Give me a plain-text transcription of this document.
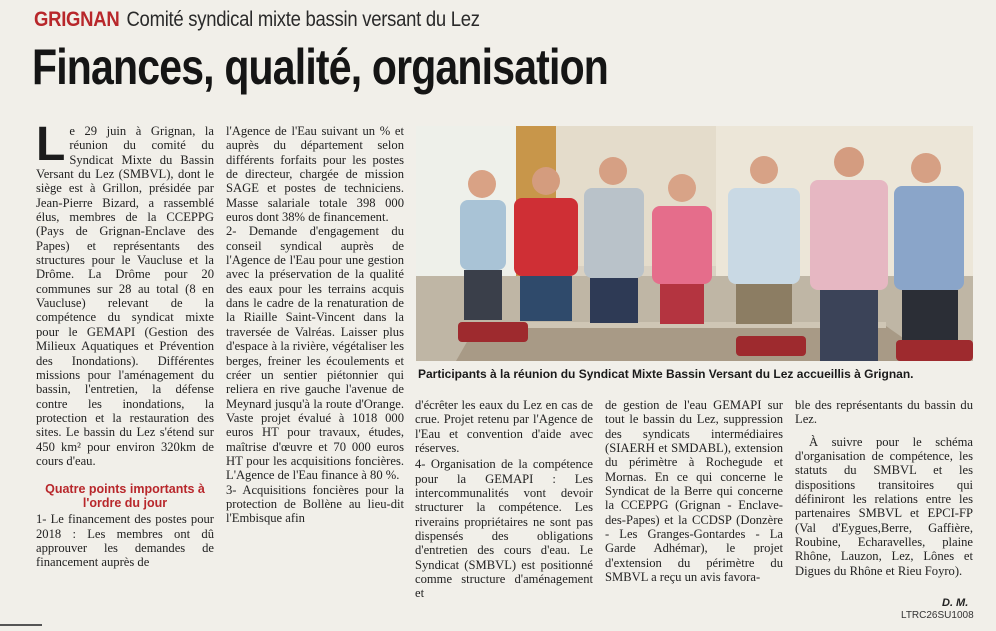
GRIGNAN Comité syndical mixte bassin versant du Lez
Finances, qualité, organisation
L e 29 juin à Grignan, la réunion du comité du Syndicat Mixte du Bassin Versant du Lez (SMBVL), dont le siège est à Grillon, présidée par Jean-Pierre Bizard, a rassemblé élus, membres de la CCEPPG (Pays de Grignan-Enclave des Papes) et représentants des structures pour le Vaucluse et la Drôme. La Drôme pour 20 communes sur 28 au total (8 en Vaucluse) relevant de la compétence du syndicat mixte pour le GEMAPI (Gestion des Milieux Aquatiques et Prévention des Inondations). Différentes missions pour l'aménagement du bassin, l'entretien, la défense contre les inondations, la protection et la restauration des sites. Le bassin du Lez s'étend sur 450 km² pour environ 320km de cours d'eau.

Quatre points importants à l'ordre du jour

1- Le financement des postes pour 2018 : Les membres ont dû approuver les demandes de financement auprès de

l'Agence de l'Eau suivant un % et auprès du département selon différents forfaits pour les postes de directeur, chargée de mission SAGE et postes de techniciens. Masse salariale totale 398 000 euros dont 38% de financement.

2- Demande d'engagement du conseil syndical auprès de l'Agence de l'Eau pour une gestion avec la préservation de la qualité des eaux pour les terrains acquis dans le cadre de la renaturation de la Riaille Saint-Vincent dans la traversée de Valréas. Laisser plus d'espace à la rivière, végétaliser les berges, freiner les écoulements et créer un sentier piétonnier qui reliera en rive gauche l'avenue de Meynard jusqu'à la route d'Orange. Vaste projet évalué à 1018 000 euros HT pour travaux, études, maîtrise d'œuvre et 70 000 euros HT pour les acquisitions foncières. L'Agence de l'Eau finance à 80 %.

3- Acquisitions foncières pour la protection de Bollène au lieu-dit l'Embisque afin

Participants à la réunion du Syndicat Mixte Bassin Versant du Lez accueillis à Grignan.

d'écrêter les eaux du Lez en cas de crue. Projet retenu par l'Agence de l'Eau et convention d'aide avec réserves.

4- Organisation de la compétence pour la GEMAPI : Les intercommunalités vont devoir structurer la compétence. Les riverains propriétaires ne sont pas dispensés des obligations d'entretien des cours d'eau. Le Syndicat (SMBVL) est positionné comme structure d'aménagement et

de gestion de l'eau GEMAPI sur tout le bassin du Lez, suppression des syndicats intermédiaires (SIAERH et SMDABL), extension du périmètre à Rochegude et Mornas. En ce qui concerne le Syndicat de la Berre qui concerne la CCEPPG (Grignan - Enclave-des-Papes) et la CCDSP (Donzère - Les Granges-Gontardes - La Garde Adhémar), le projet d'extension du périmètre du SMBVL a reçu un avis favora-

ble des représentants du bassin du Lez.

À suivre pour le schéma d'organisation de compétence, les statuts du SMBVL et les dispositions transitoires qui définiront les relations entre les partenaires SMBVL et EPCI-FP (Val d'Eygues,Berre, Gaffière, Roubine, Echaravelles, plaine Rhône, Lauzon, Lez, Lônes et Digues du Rhône et Rieu Foyro).

D. M.
LTRC26SU1008
